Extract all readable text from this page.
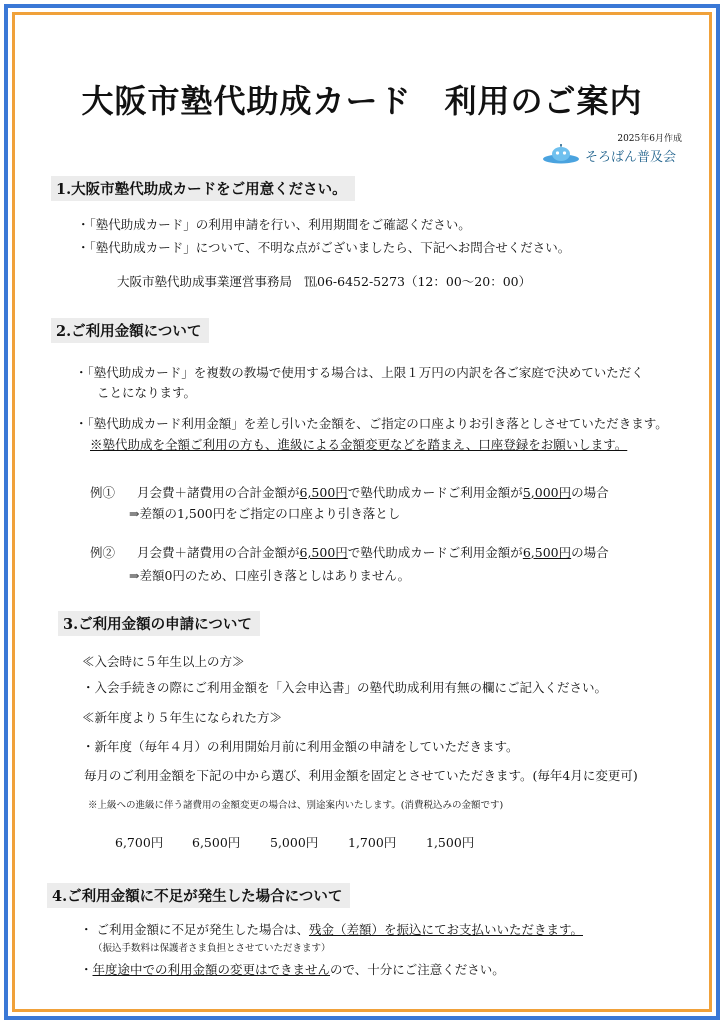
大阪市塾代助成カード　利用のご案内
2025年6月作成
そろばん普及会
1.大阪市塾代助成カードをご用意ください。
・「塾代助成カード」の利用申請を行い、利用期間をご確認ください。
・「塾代助成カード」について、不明な点がございましたら、下記へお問合せください。
大阪市塾代助成事業運営事務局　℡06-6452-5273（12：00～20：00）
2.ご利用金額について
・「塾代助成カード」を複数の教場で使用する場合は、上限１万円の内訳を各ご家庭で決めていただく
ことになります。
・「塾代助成カード利用金額」を差し引いた金額を、ご指定の口座よりお引き落としさせていただきます。
※塾代助成を全額ご利用の方も、進級による金額変更などを踏まえ、口座登録をお願いします。
例① 月会費＋諸費用の合計金額が6,500円で塾代助成カードご利用金額が5,000円の場合
⇒差額の1,500円をご指定の口座より引き落とし
例② 月会費＋諸費用の合計金額が6,500円で塾代助成カードご利用金額が6,500円の場合
⇒差額0円のため、口座引き落としはありません。
3.ご利用金額の申請について
≪入会時に５年生以上の方≫
・入会手続きの際にご利用金額を「入会申込書」の塾代助成利用有無の欄にご記入ください。
≪新年度より５年生になられた方≫
・新年度（毎年４月）の利用開始月前に利用金額の申請をしていただきます。
毎月のご利用金額を下記の中から選び、利用金額を固定とさせていただきます。(毎年4月に変更可)
※上級への進級に伴う諸費用の金額変更の場合は、別途案内いたします。(消費税込みの金額です)
6,700円 6,500円 5,000円 1,700円 1,500円
4.ご利用金額に不足が発生した場合について
・ ご利用金額に不足が発生した場合は、残金（差額）を振込にてお支払いいただきます。
（振込手数料は保護者さま負担とさせていただきます）
・年度途中での利用金額の変更はできませんので、十分にご注意ください。
